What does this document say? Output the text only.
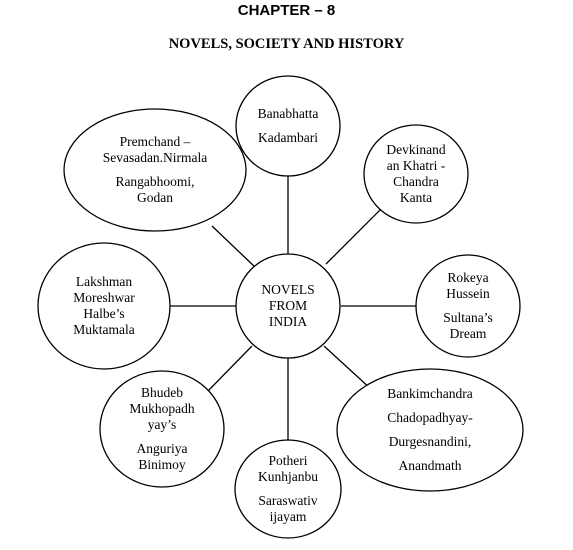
CHAPTER – 8
NOVELS, SOCIETY AND HISTORY
NOVELS
FROM
INDIA
Banabhatta
Kadambari
Premchand –
Sevasadan.Nirmala
Rangabhoomi,
Godan
Devkinand
an Khatri -
Chandra
Kanta
Lakshman
Moreshwar
Halbe’s
Muktamala
Rokeya
Hussein
Sultana’s
Dream
Bhudeb
Mukhopadh
yay’s
Anguriya
Binimoy
Bankimchandra
Chadopadhyay-
Durgesnandini,
Anandmath
Potheri
Kunhjanbu
Saraswativ
ijayam
